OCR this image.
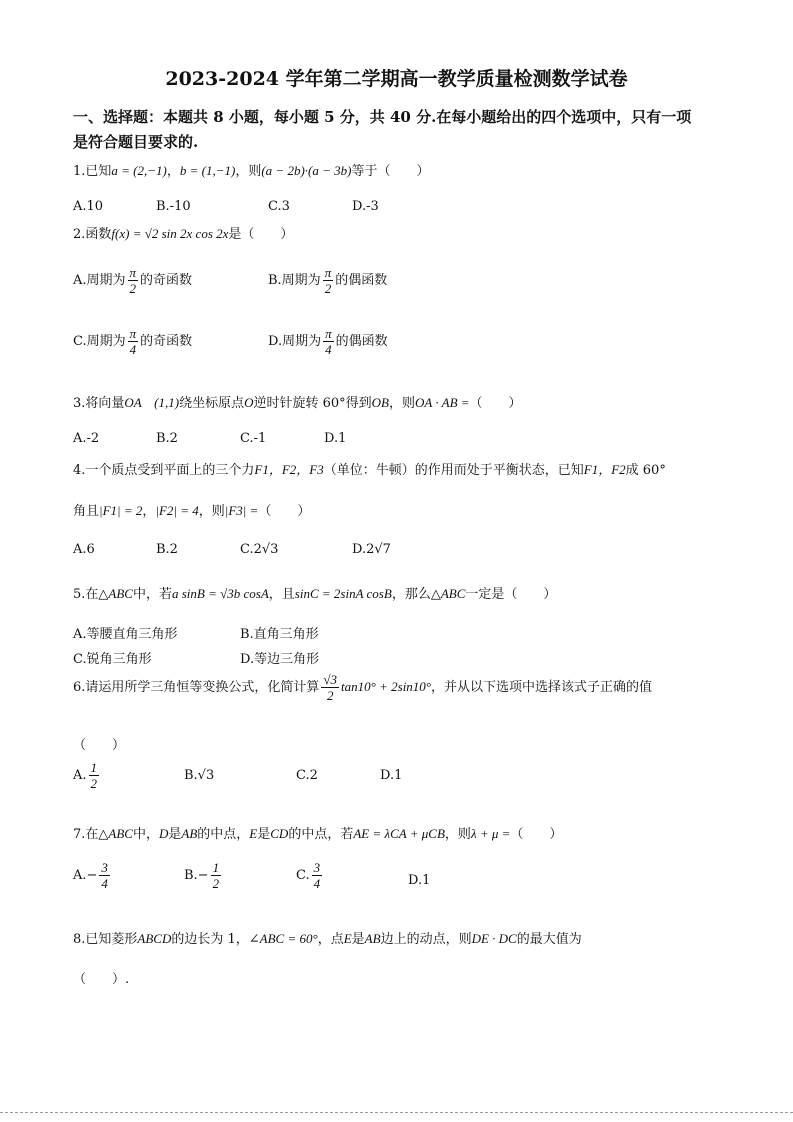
2023-2024 学年第二学期高一教学质量检测数学试卷
一、选择题：本题共 8 小题，每小题 5 分，共 40 分.在每小题给出的四个选项中，只有一项
是符合题目要求的.
1.已知a = (2,−1)，b = (1,−1)，则(a − 2b)·(a − 3b)等于（　　）
A.10	B.-10	C.3	D.-3
2.函数f(x) = √2 sin 2x cos 2x是（　　）
A.周期为 $\frac{\pi}{2}$ 的奇函数	B.周期为 $\frac{\pi}{2}$ 的偶函数
C.周期为 $\frac{\pi}{4}$ 的奇函数	D.周期为 $\frac{\pi}{4}$ 的偶函数
3.将向量OA (1,1)绕坐标原点O逆时针旋转 60°得到OB，则OA · AB =（　　）
A.-2	B.2	C.-1	D.1
4.一个质点受到平面上的三个力F1，F2，F3（单位：牛顿）的作用而处于平衡状态，已知F1，F2成 60°
角且|F1| = 2，|F2| = 4，则|F3| =（　　）
A.6	B.2	C.2√3	D.2√7
5.在△ABC中，若a sinB = √3b cosA，且sinC = 2sinA cosB，那么△ABC一定是（　　）
A.等腰直角三角形	B.直角三角形
C.锐角三角形	D.等边三角形
6.请运用所学三角恒等变换公式，化简计算 $\frac{√3}{2} \tan 10^\circ + 2\sin 10^\circ$，并从以下选项中选择该式子正确的值
（　　）
A. $\frac{1}{2}$	B.√3	C.2	D.1
7.在△ABC中，D是AB的中点，E是CD的中点，若AE = λCA + μCB，则λ + μ =（　　）
$A.- \frac{3}{4}$	$B.- \frac{1}{2}$	C. $\frac{3}{4}$	D.1
8.已知菱形ABCD的边长为 1，∠ABC = 60°，点E是AB边上的动点，则DE · DC的最大值为
（　　）.
